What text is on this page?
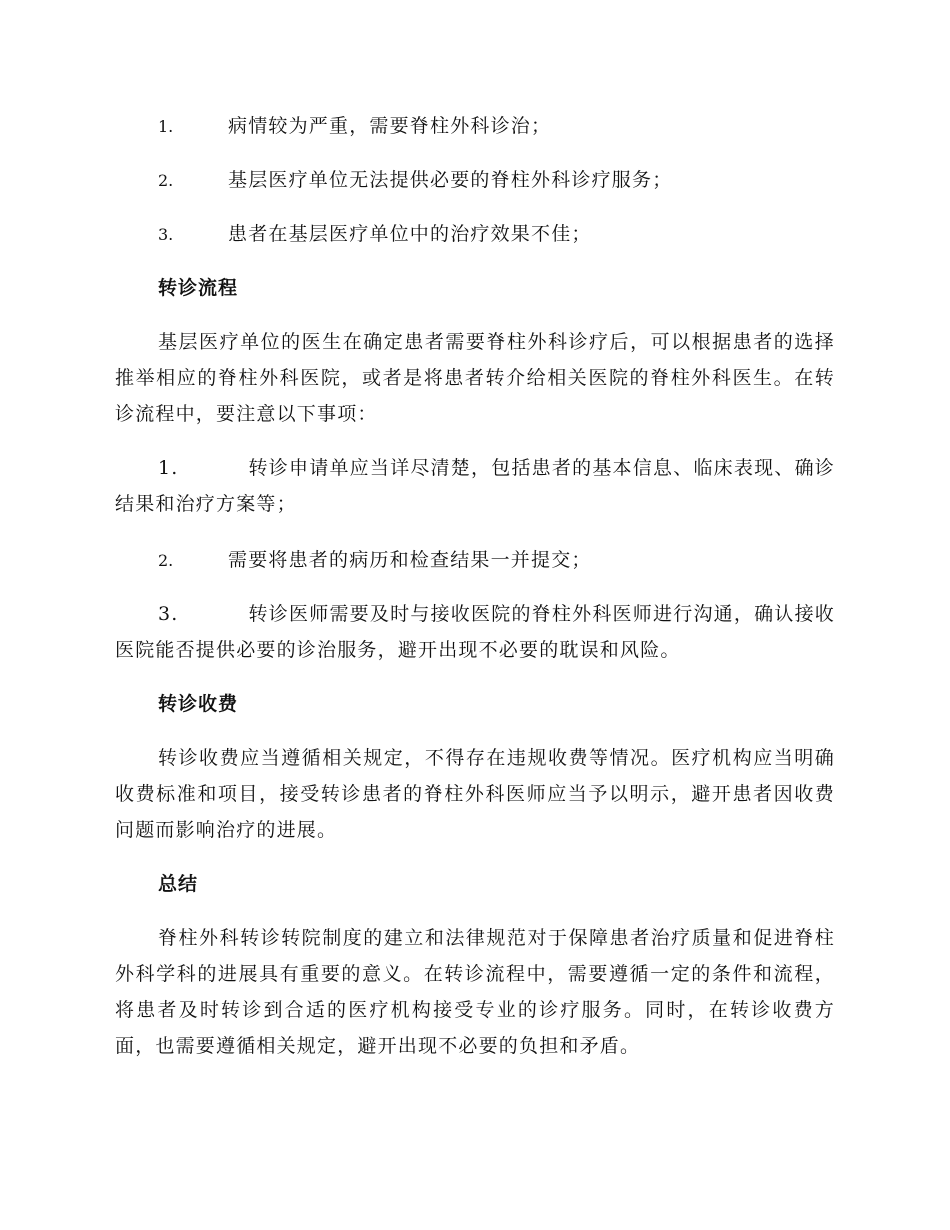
1.	病情较为严重，需要脊柱外科诊治；

2.	基层医疗单位无法提供必要的脊柱外科诊疗服务；

3.	患者在基层医疗单位中的治疗效果不佳；

转诊流程

基层医疗单位的医生在确定患者需要脊柱外科诊疗后，可以根据患者的选择推举相应的脊柱外科医院，或者是将患者转介给相关医院的脊柱外科医生。在转诊流程中，要注意以下事项：

1.	转诊申请单应当详尽清楚，包括患者的基本信息、临床表现、确诊结果和治疗方案等；

2.	需要将患者的病历和检查结果一并提交；

3.	转诊医师需要及时与接收医院的脊柱外科医师进行沟通，确认接收医院能否提供必要的诊治服务，避开出现不必要的耽误和风险。

转诊收费

转诊收费应当遵循相关规定，不得存在违规收费等情况。医疗机构应当明确收费标准和项目，接受转诊患者的脊柱外科医师应当予以明示，避开患者因收费问题而影响治疗的进展。

总结

脊柱外科转诊转院制度的建立和法律规范对于保障患者治疗质量和促进脊柱外科学科的进展具有重要的意义。在转诊流程中，需要遵循一定的条件和流程，将患者及时转诊到合适的医疗机构接受专业的诊疗服务。同时，在转诊收费方面，也需要遵循相关规定，避开出现不必要的负担和矛盾。
